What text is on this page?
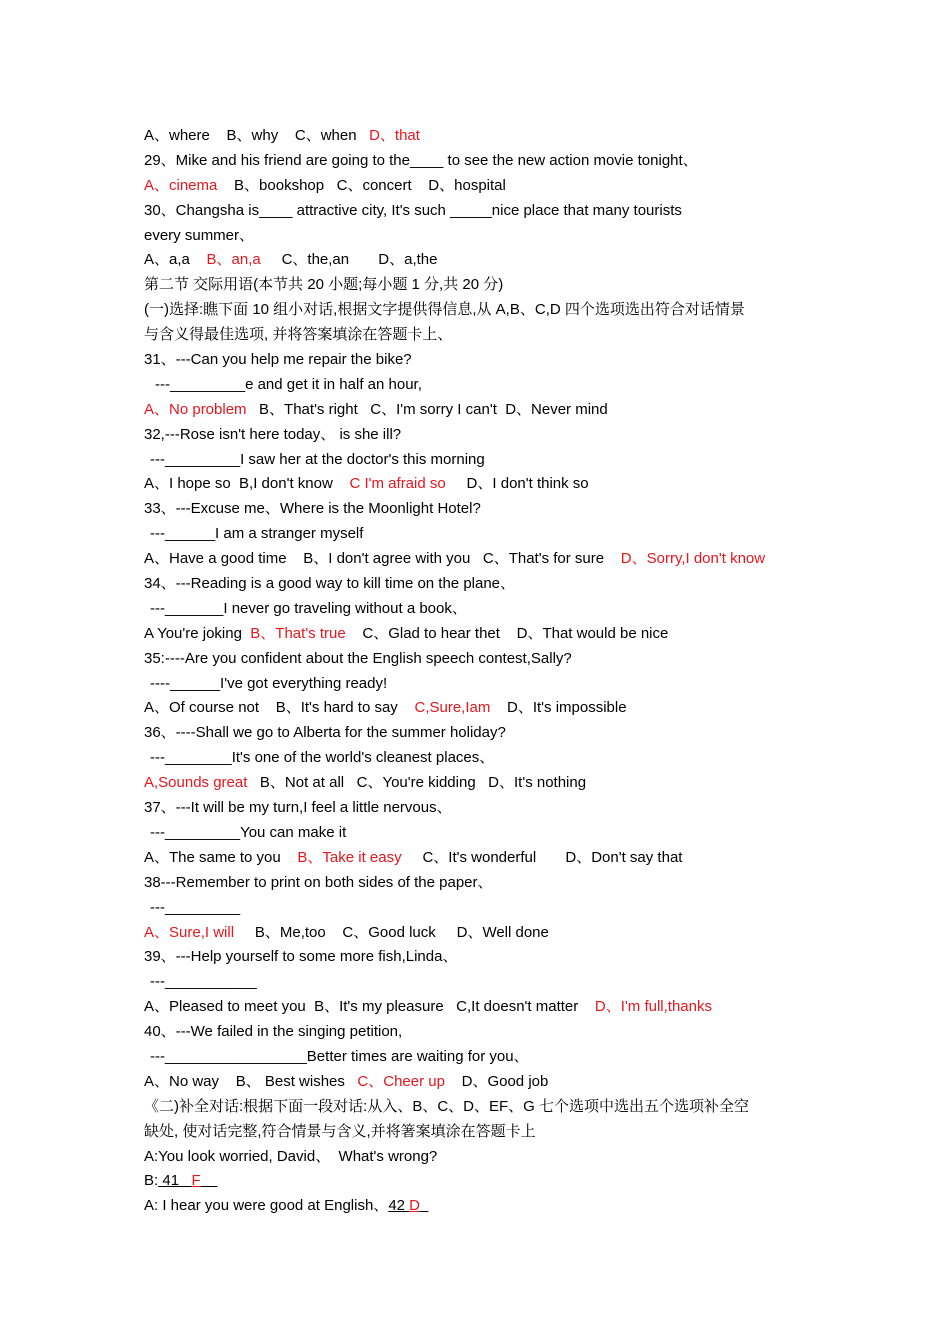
A、where    B、why    C、when   D、that
29、Mike and his friend are going to the____ to see the new action movie tonight、
A、cinema    B、bookshop   C、concert    D、hospital
30、Changsha is____ attractive city, It's such _____nice place that many tourists
every summer、
A、a,a    B、an,a     C、the,an       D、a,the
第二节 交际用语(本节共 20 小题;每小题 1 分,共 20 分)
(一)选择:瞧下面 10 组小对话,根据文字提供得信息,从 A,B、C,D 四个选项选出符合对话情景
与含义得最佳选项, 并将答案填涂在答题卡上、
31、---Can you help me repair the bike?
---_________e and get it in half an hour,
A、No problem   B、That's right   C、I'm sorry I can't  D、Never mind
32,---Rose isn't here today、 is she ill?
---_________I saw her at the doctor's this morning
A、I hope so  B,I don't know    C I'm afraid so     D、I don't think so
33、---Excuse me、Where is the Moonlight Hotel?
---______I am a stranger myself
A、Have a good time    B、I don't agree with you   C、That's for sure    D、Sorry,I don't know
34、---Reading is a good way to kill time on the plane、
---_______I never go traveling without a book、
A You're joking  B、That's true    C、Glad to hear thet    D、That would be nice
35:----Are you confident about the English speech contest,Sally?
----______I've got everything ready!
A、Of course not    B、It's hard to say    C,Sure,Iam    D、It's impossible
36、----Shall we go to Alberta for the summer holiday?
---________It's one of the world's cleanest places、
A,Sounds great   B、Not at all   C、You're kidding   D、It's nothing
37、---It will be my turn,I feel a little nervous、
---_________You can make it
A、The same to you    B、Take it easy     C、It's wonderful       D、Don't say that
38---Remember to print on both sides of the paper、
---_________
A、Sure,I will     B、Me,too    C、Good luck     D、Well done
39、---Help yourself to some more fish,Linda、
---___________
A、Pleased to meet you  B、It's my pleasure   C,It doesn't matter    D、I'm full,thanks
40、---We failed in the singing petition,
---_________________Better times are waiting for you、
A、No way    B、 Best wishes   C、Cheer up    D、Good job
《二)补全对话:根据下面一段对话:从入、B、C、D、EF、G 七个选项中选出五个选项补全空
缺处, 使对话完整,符合情景与含义,并将箸案填涂在答题卡上
A:You look worried, David、  What's wrong?
B: 41   F
A: I hear you were good at English、42 D
